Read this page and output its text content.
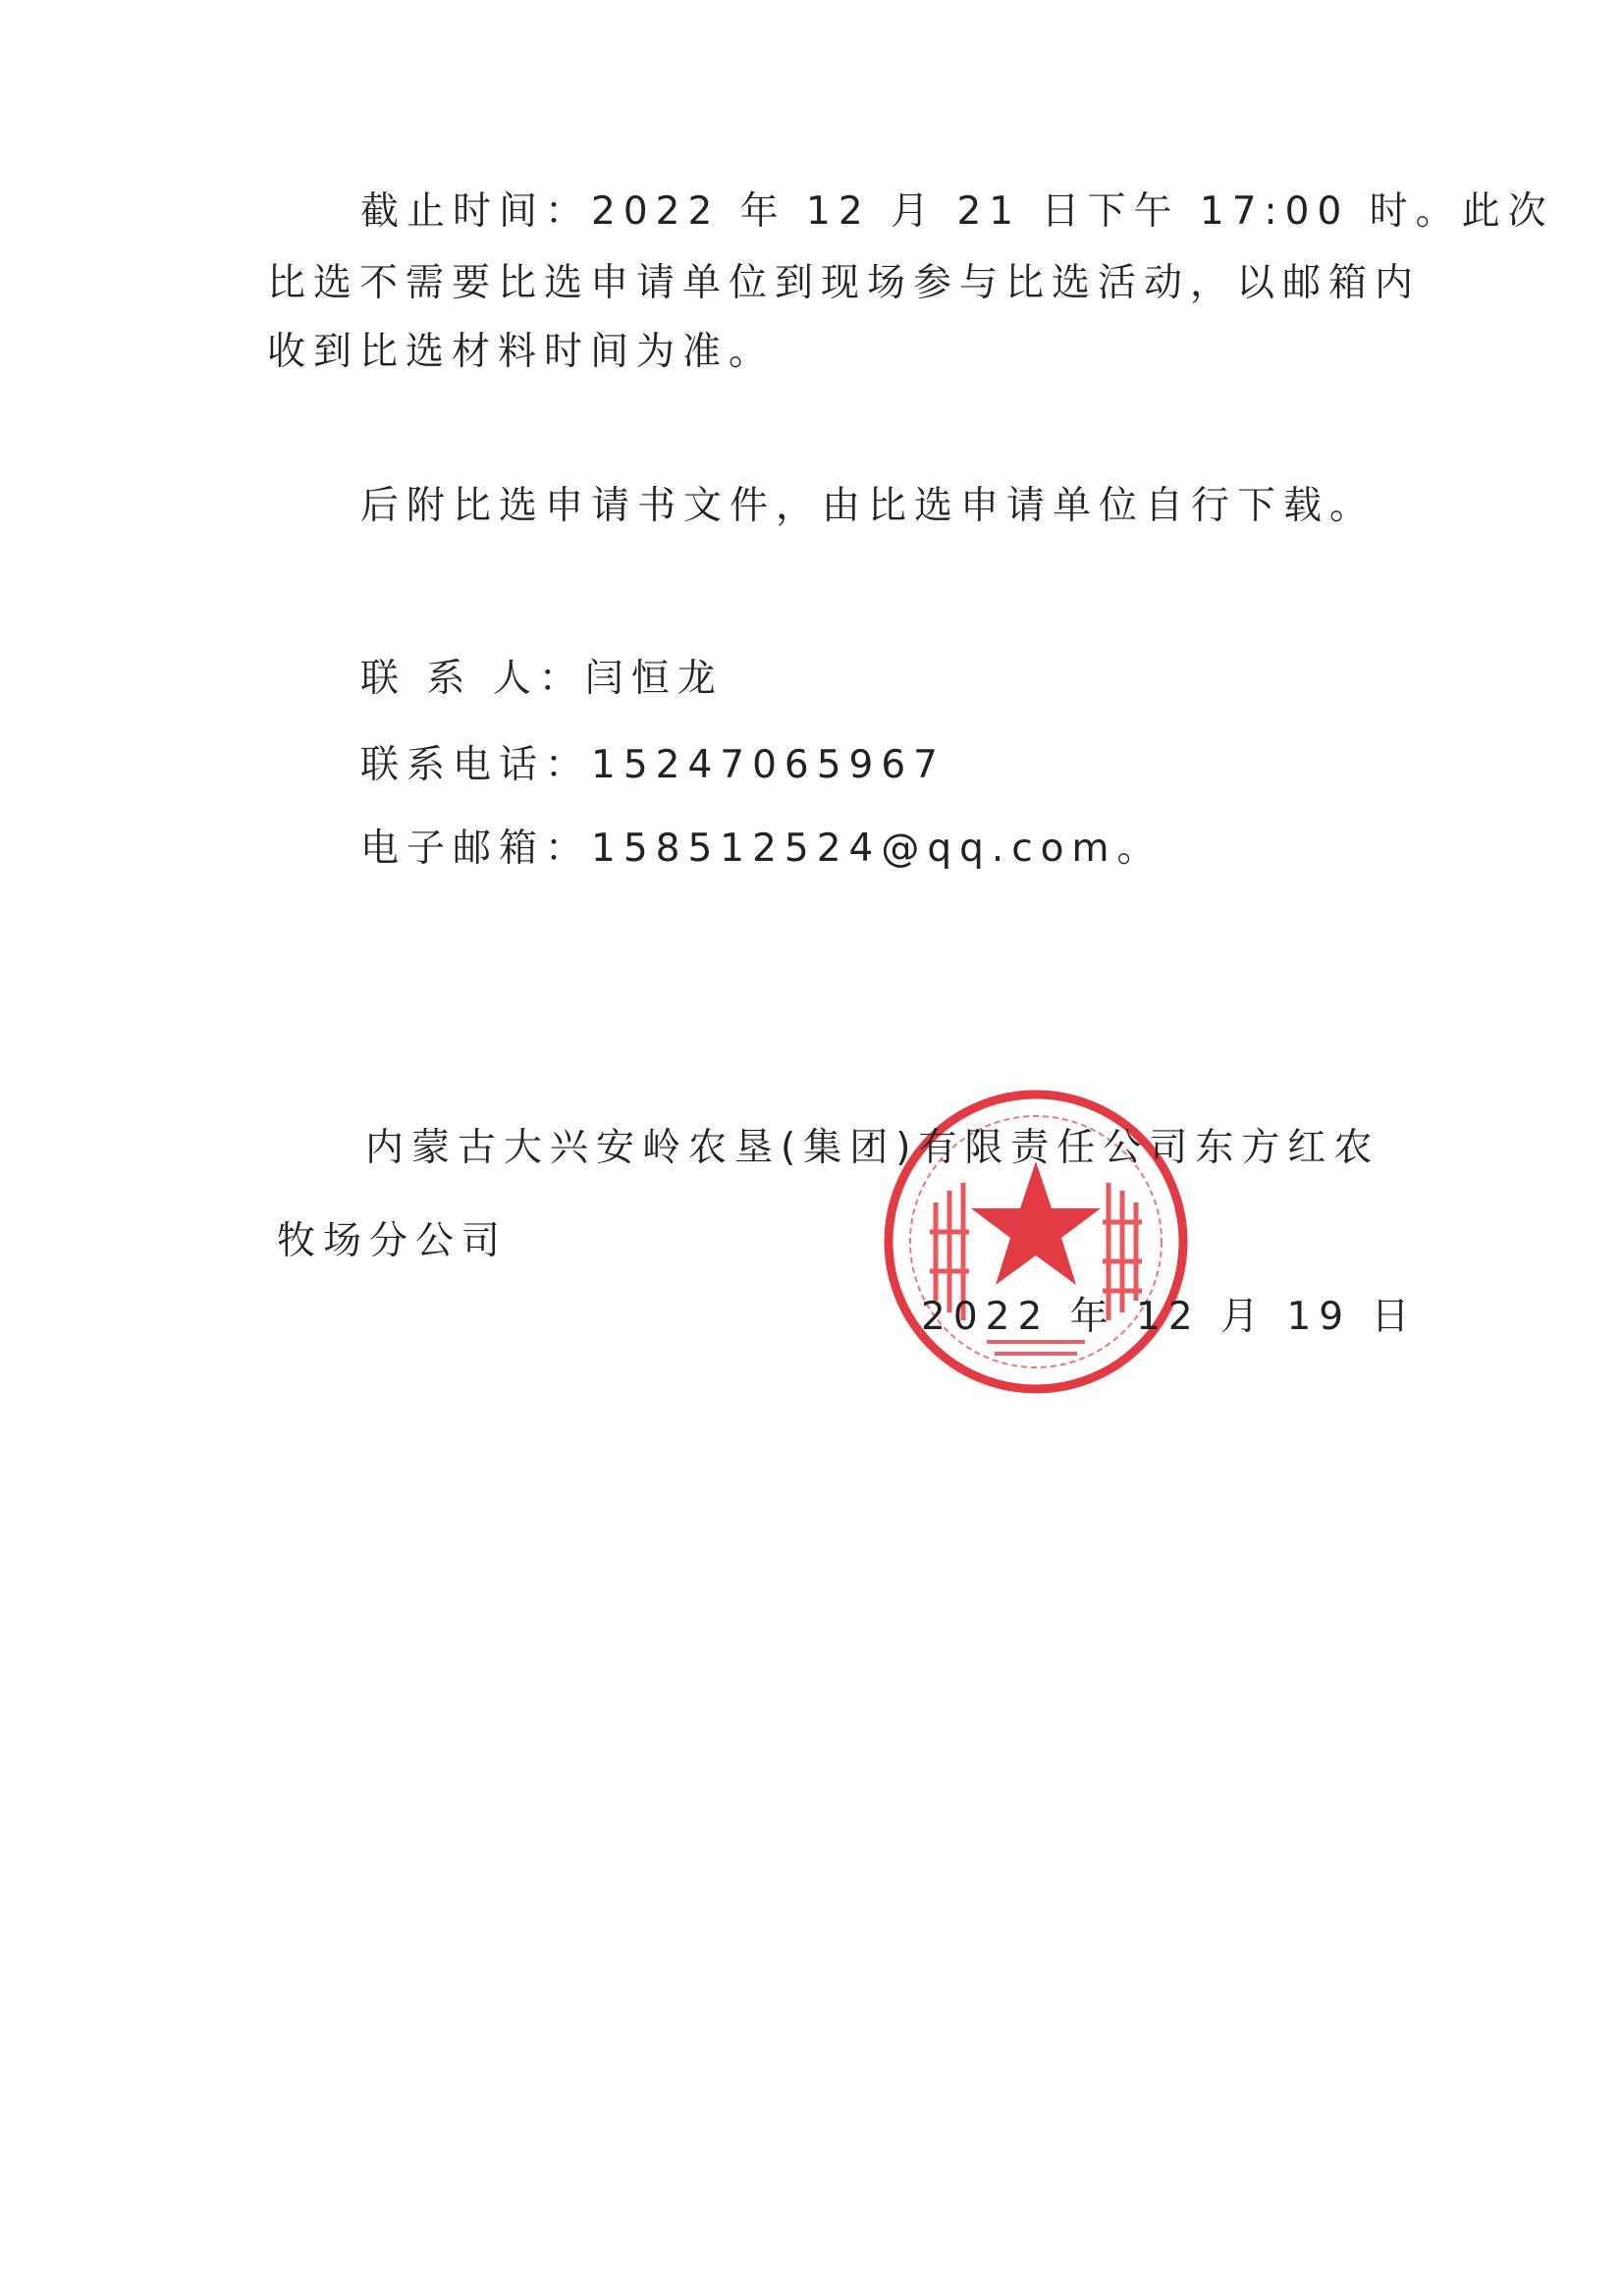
截止时间：2022 年 12 月 21 日下午 17:00 时。此次
比选不需要比选申请单位到现场参与比选活动，以邮箱内
收到比选材料时间为准。
后附比选申请书文件，由比选申请单位自行下载。
联 系 人：闫恒龙
联系电话：15247065967
电子邮箱：158512524@qq.com。
内蒙古大兴安岭农垦(集团)有限责任公司东方红农
牧场分公司
2022 年 12 月 19 日
